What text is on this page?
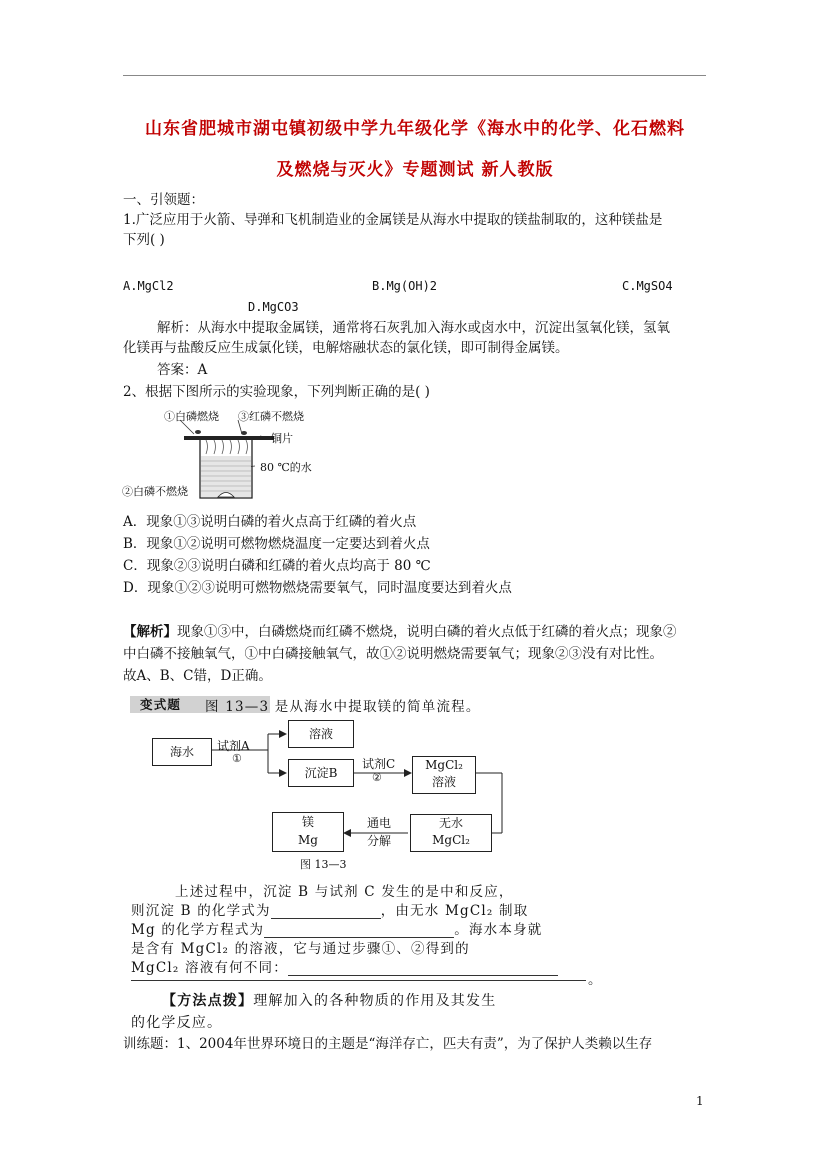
山东省肥城市湖屯镇初级中学九年级化学《海水中的化学、化石燃料
及燃烧与灭火》专题测试 新人教版
一、引领题：
1.广泛应用于火箭、导弹和飞机制造业的金属镁是从海水中提取的镁盐制取的，这种镁盐是
下列( )
A.MgCl2	B.Mg(OH)2	C.MgSO4
D.MgCO3
解析：从海水中提取金属镁，通常将石灰乳加入海水或卤水中，沉淀出氢氧化镁，氢氧
化镁再与盐酸反应生成氯化镁，电解熔融状态的氯化镁，即可制得金属镁。
答案：A
2、根据下图所示的实验现象，下列判断正确的是( )
①白磷燃烧 ③红磷不燃烧
铜片
80 ℃的水
②白磷不燃烧
A．现象①③说明白磷的着火点高于红磷的着火点
B．现象①②说明可燃物燃烧温度一定要达到着火点
C．现象②③说明白磷和红磷的着火点均高于 80 ℃
D．现象①②③说明可燃物燃烧需要氧气，同时温度要达到着火点
【解析】现象①③中，白磷燃烧而红磷不燃烧，说明白磷的着火点低于红磷的着火点；现象②
中白磷不接触氧气，①中白磷接触氧气，故①②说明燃烧需要氧气；现象②③没有对比性。
故A、B、C错，D正确。
变式题 图 13—3 是从海水中提取镁的简单流程。
海水	试剂A
①
溶液
沉淀B
试剂C
②
MgCl₂
溶液
无水
MgCl₂
通电
分解
镁
Mg
图 13—3
上述过程中，沉淀 B 与试剂 C 发生的是中和反应，
则沉淀 B 的化学式为	，由无水 MgCl₂ 制取
Mg 的化学方程式为	。海水本身就
是含有 MgCl₂ 的溶液，它与通过步骤①、②得到的
MgCl₂ 溶液有何不同：
。
【方法点拨】理解加入的各种物质的作用及其发生
的化学反应。
训练题：1、2004年世界环境日的主题是“海洋存亡，匹夫有责”，为了保护人类赖以生存
1
